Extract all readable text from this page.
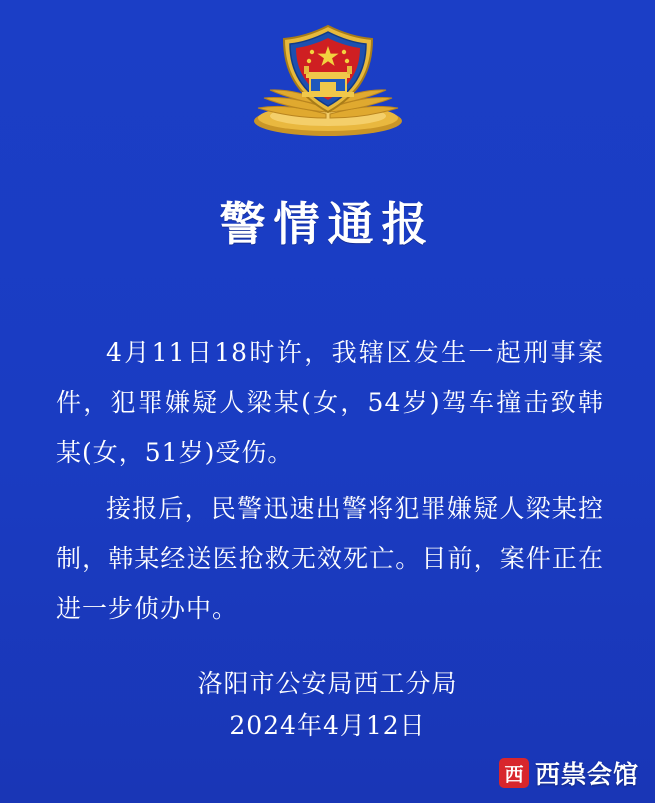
警情通报

4月11日18时许，我辖区发生一起刑事案件，犯罪嫌疑人梁某(女，54岁)驾车撞击致韩某(女，51岁)受伤。

接报后，民警迅速出警将犯罪嫌疑人梁某控制，韩某经送医抢救无效死亡。目前，案件正在进一步侦办中。

洛阳市公安局西工分局
2024年4月12日
西 西祟会馆
